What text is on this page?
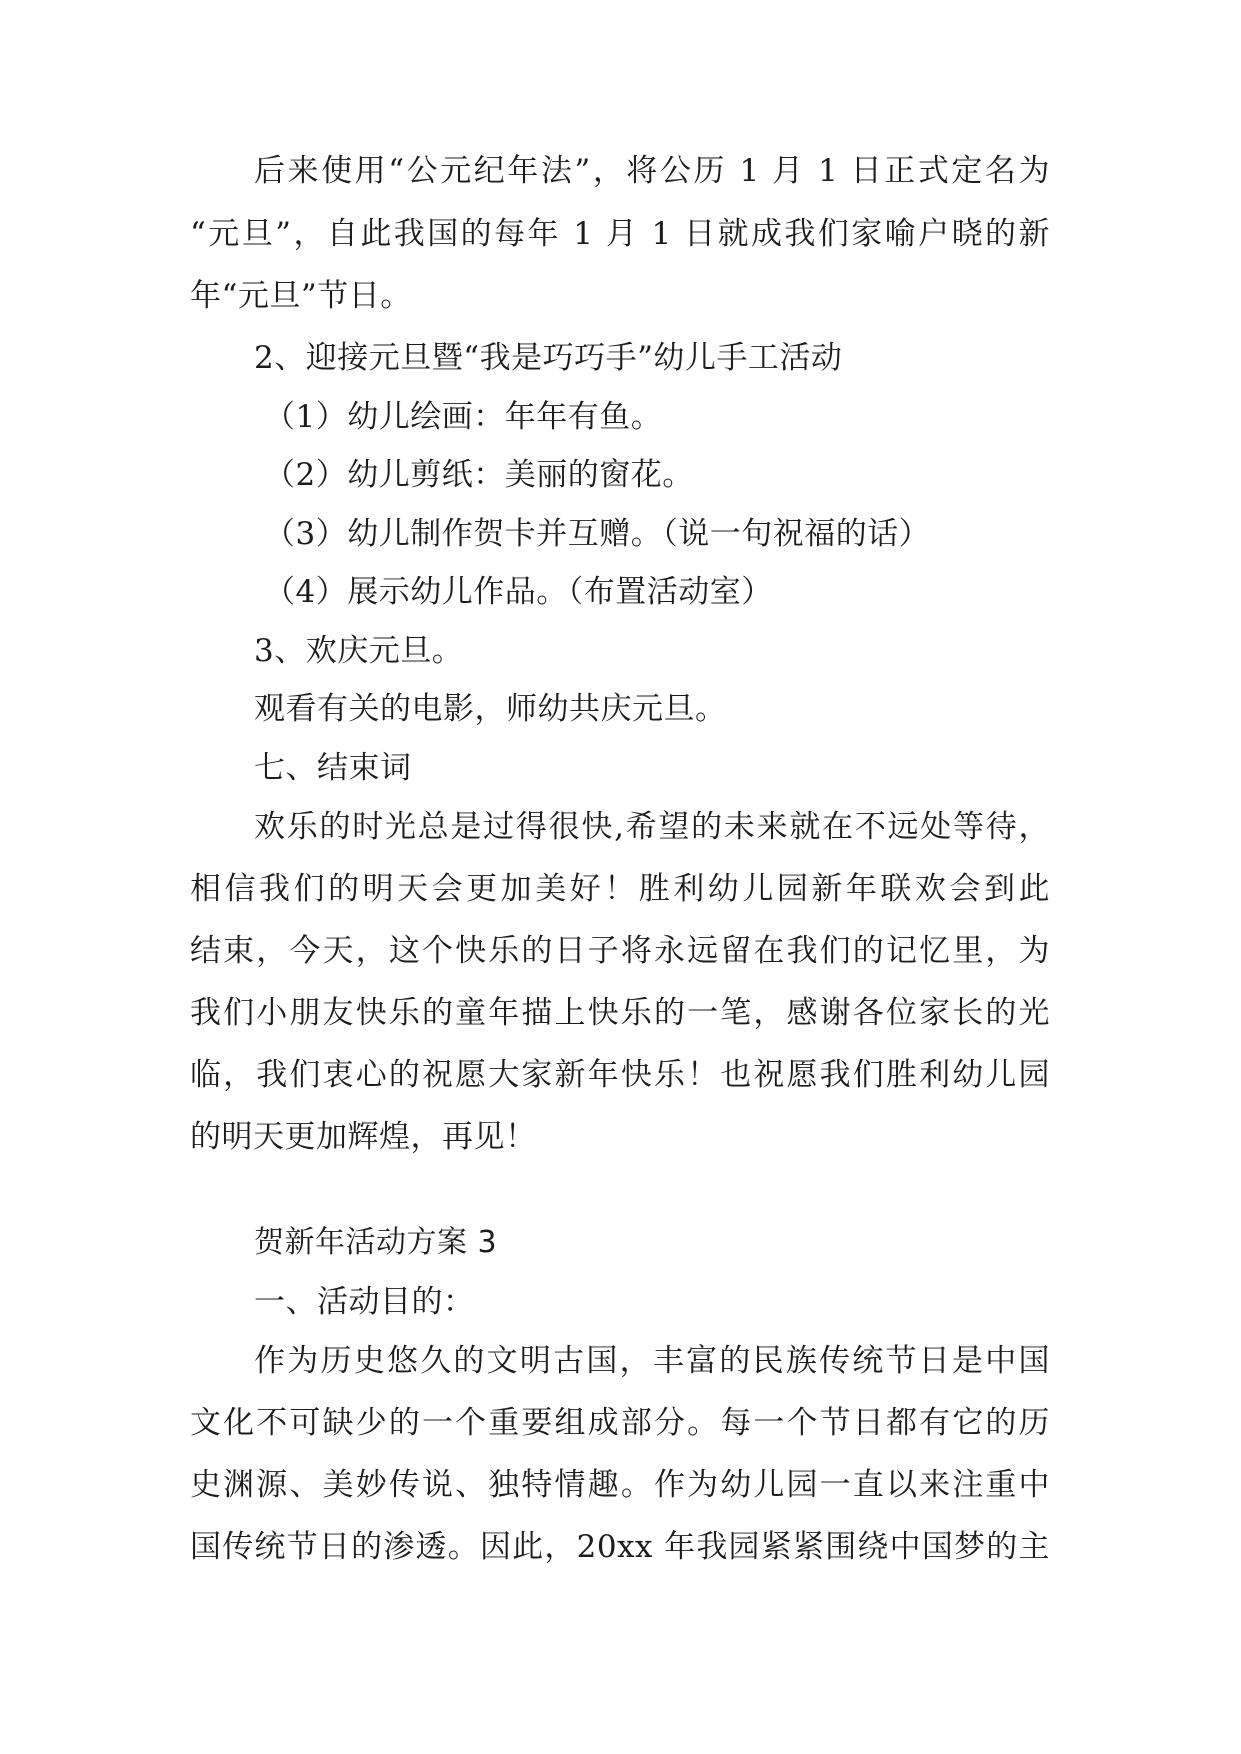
后来使用“公元纪年法”，将公历 1 月 1 日正式定名为
“元旦”，自此我国的每年 1 月 1 日就成我们家喻户晓的新
年“元旦”节日。
2、迎接元旦暨“我是巧巧手”幼儿手工活动
（1）幼儿绘画：年年有鱼。
（2）幼儿剪纸：美丽的窗花。
（3）幼儿制作贺卡并互赠。（说一句祝福的话）
（4）展示幼儿作品。（布置活动室）
3、欢庆元旦。
观看有关的电影，师幼共庆元旦。
七、结束词
欢乐的时光总是过得很快,希望的未来就在不远处等待，
相信我们的明天会更加美好！胜利幼儿园新年联欢会到此
结束，今天，这个快乐的日子将永远留在我们的记忆里，为
我们小朋友快乐的童年描上快乐的一笔，感谢各位家长的光
临，我们衷心的祝愿大家新年快乐！也祝愿我们胜利幼儿园
的明天更加辉煌，再见！
贺新年活动方案 3
一、活动目的：
作为历史悠久的文明古国，丰富的民族传统节日是中国
文化不可缺少的一个重要组成部分。每一个节日都有它的历
史渊源、美妙传说、独特情趣。作为幼儿园一直以来注重中
国传统节日的渗透。因此，20xx 年我园紧紧围绕中国梦的主
